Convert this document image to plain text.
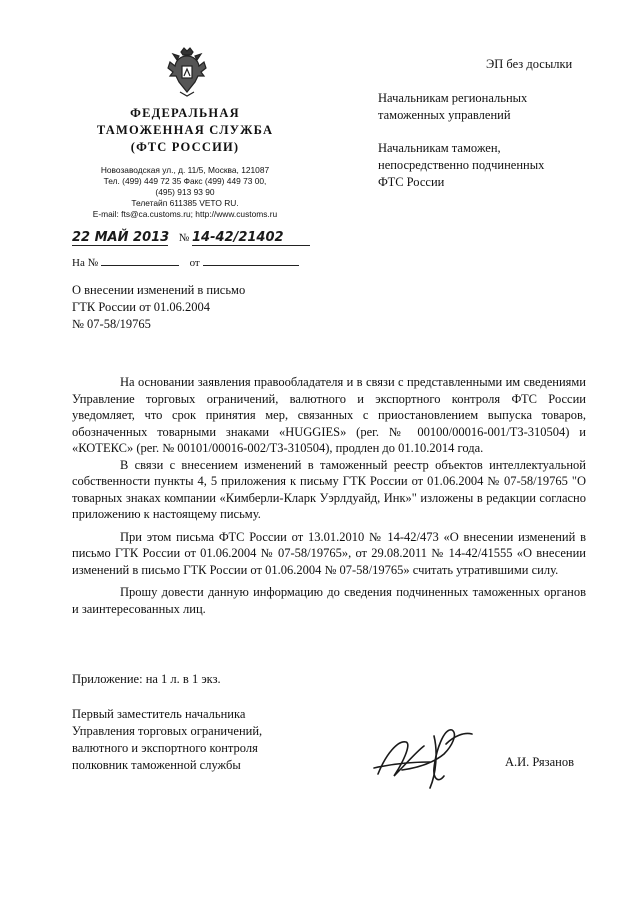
ФЕДЕРАЛЬНАЯ
ТАМОЖЕННАЯ СЛУЖБА
(ФТС РОССИИ)
Новозаводская ул., д. 11/5, Москва, 121087
Тел. (499) 449 72 35 Факс (499) 449 73 00,
(495) 913 93 90
Телетайп 611385 VETO RU.
E-mail: fts@ca.customs.ru; http://www.customs.ru
22 МАЙ 2013 № 14-42/21402
На №	от
ЭП без досылки
Начальникам региональных
таможенных управлений
Начальникам таможен,
непосредственно подчиненных
ФТС России
О внесении изменений в письмо
ГТК России от 01.06.2004
№ 07-58/19765

На основании заявления правообладателя и в связи с представленными им сведениями Управление торговых ограничений, валютного и экспортного контроля ФТС России уведомляет, что срок принятия мер, связанных с приостановлением выпуска товаров, обозначенных товарными знаками «HUGGIES» (рег. № 00100/00016-001/ТЗ-310504) и «КОТЕКС» (рег. № 00101/00016-002/ТЗ-310504), продлен до 01.10.2014 года.

В связи с внесением изменений в таможенный реестр объектов интеллектуальной собственности пункты 4, 5 приложения к письму ГТК России от 01.06.2004 № 07-58/19765 "О товарных знаках компании «Кимберли-Кларк Уэрлдуайд, Инк»" изложены в редакции согласно приложению к настоящему письму.

При этом письма ФТС России от 13.01.2010 № 14-42/473 «О внесении изменений в письмо ГТК России от 01.06.2004 № 07-58/19765», от 29.08.2011 № 14-42/41555 «О внесении изменений в письмо ГТК России от 01.06.2004 № 07-58/19765» считать утратившими силу.

Прошу довести данную информацию до сведения подчиненных таможенных органов и заинтересованных лиц.

Приложение: на 1 л. в 1 экз.
Первый заместитель начальника
Управления торговых ограничений,
валютного и экспортного контроля
полковник таможенной службы	А.И. Рязанов
